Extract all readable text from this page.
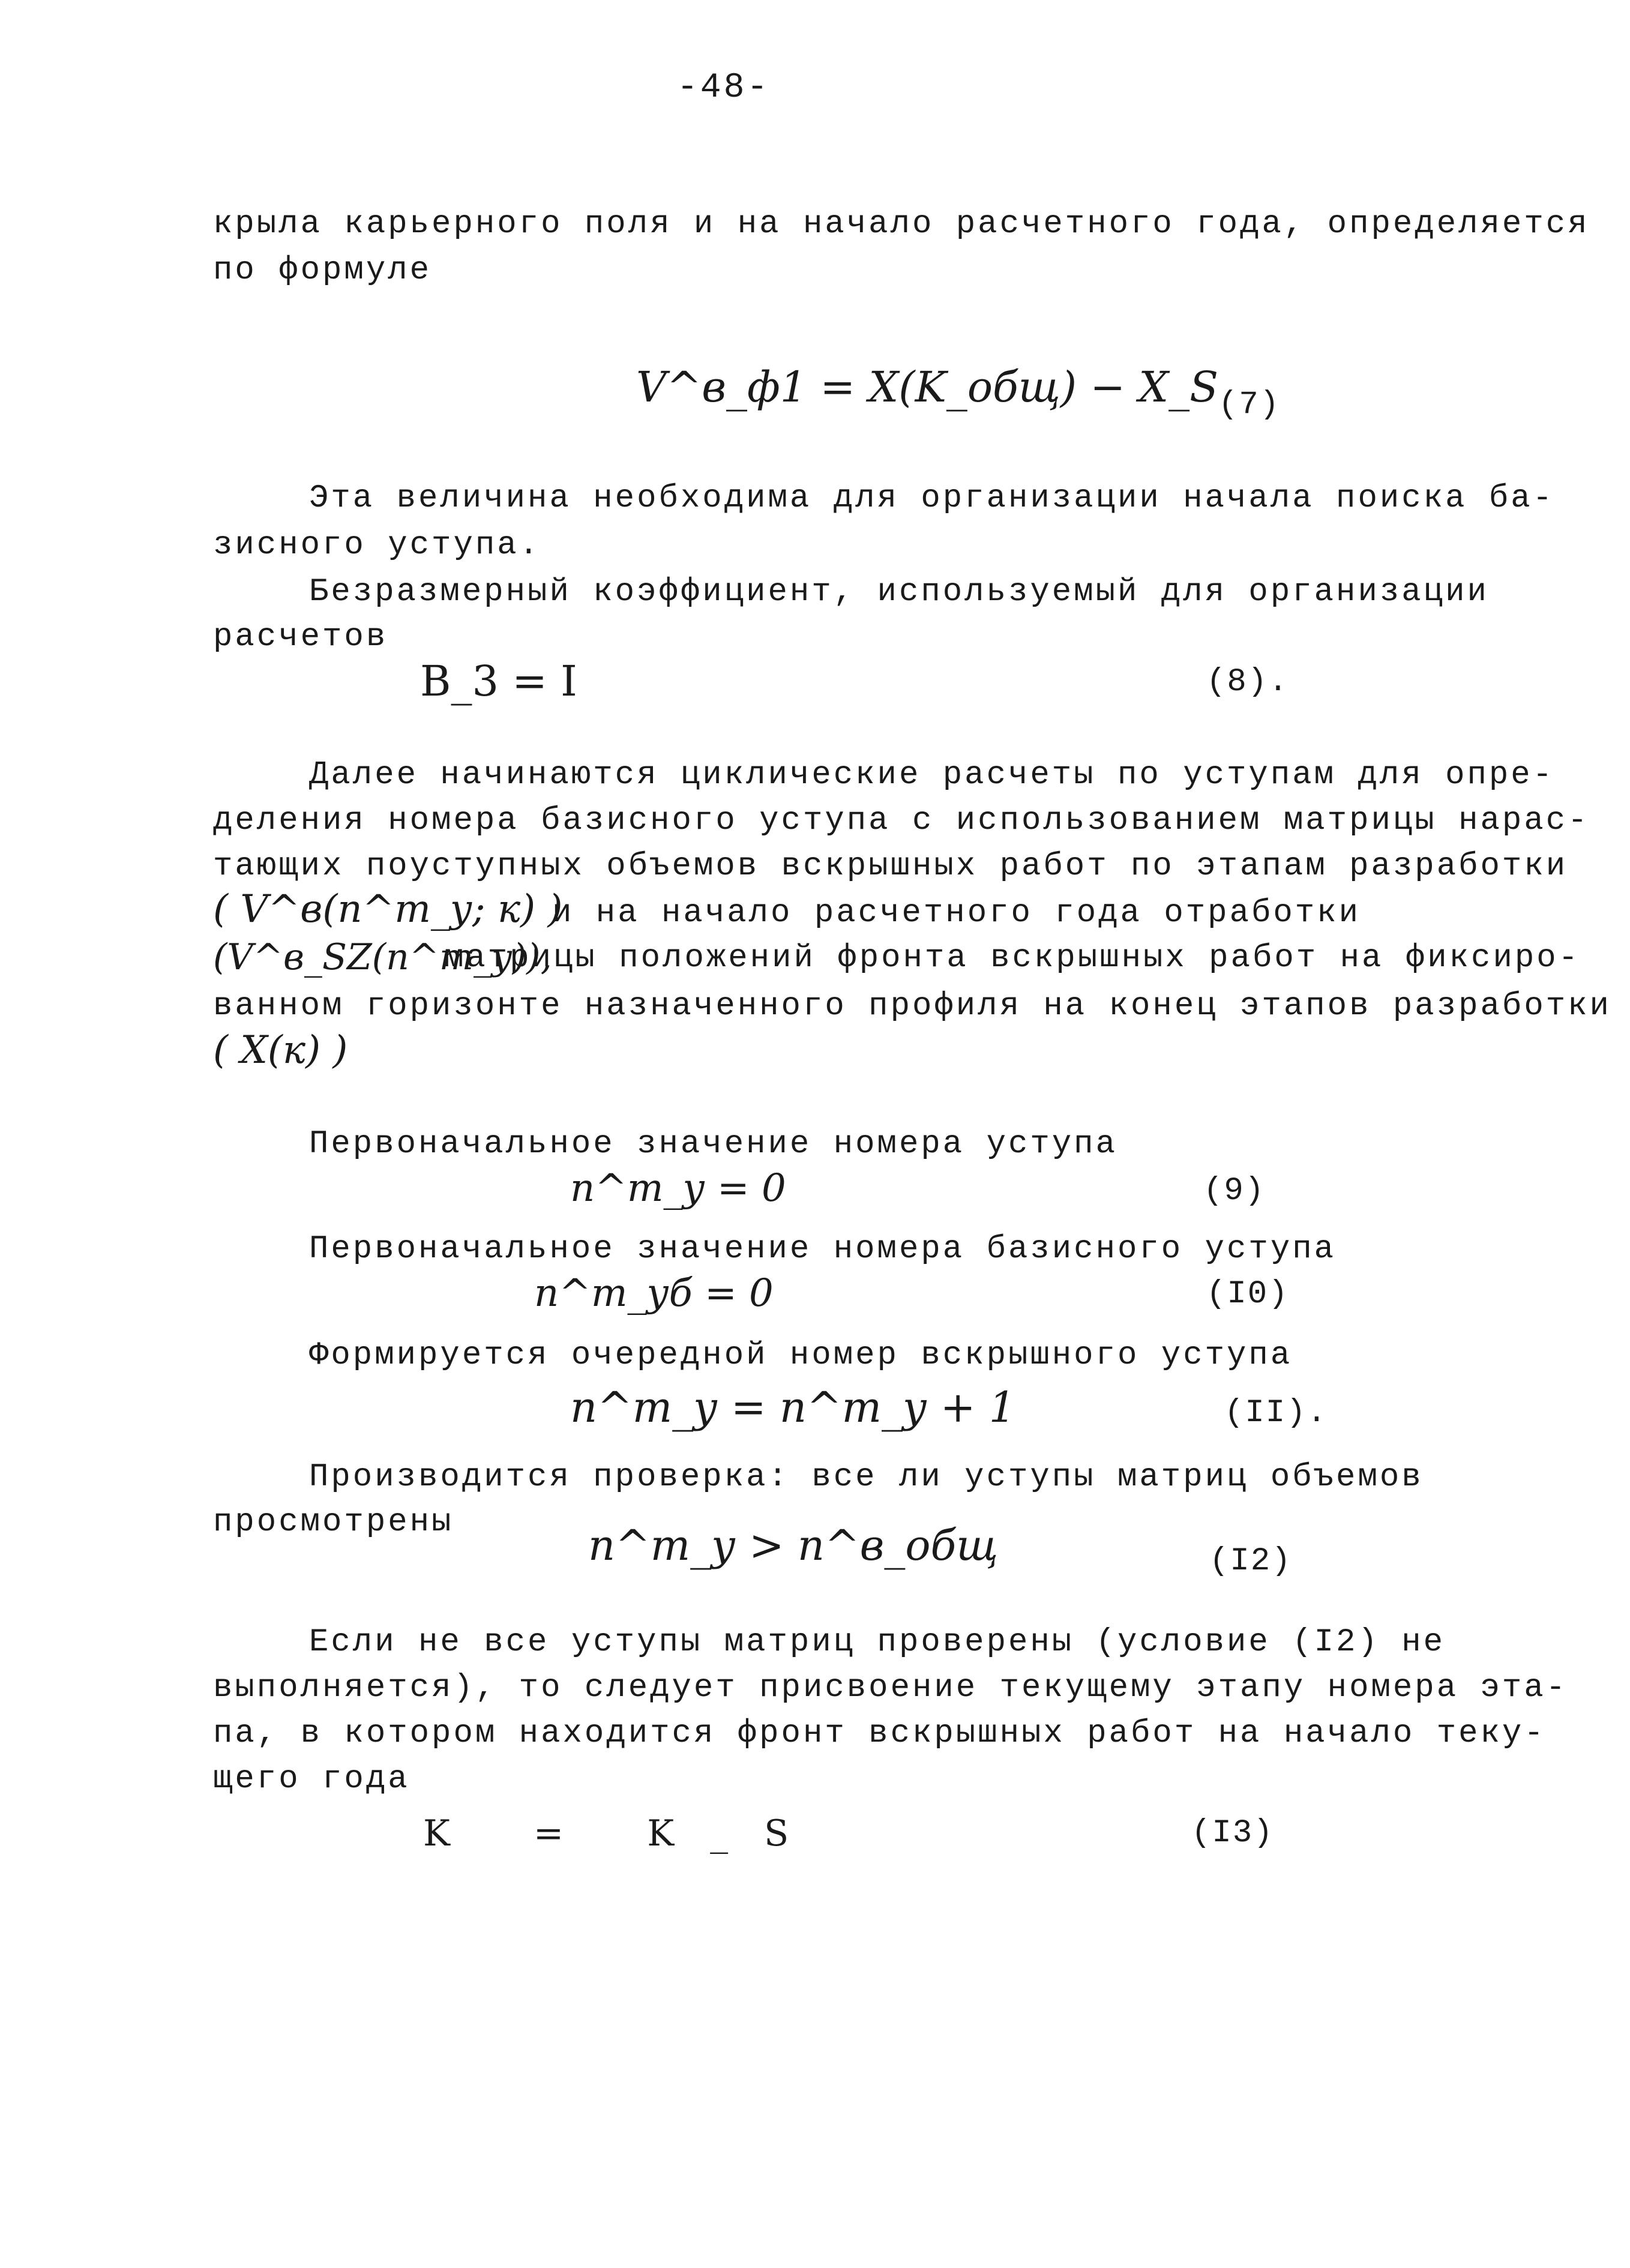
-48-
крыла карьерного поля и на начало расчетного года, определяется
по формуле
V^в_ф1 = X(K_общ) − X_S (7)
Эта величина необходима для организации начала поиска ба-
зисного уступа.
Безразмерный коэффициент, используемый для организации
расчетов
B_3 = I	(8).
Далее начинаются циклические расчеты по уступам для опре-
деления номера базисного уступа с использованием матрицы нарас-
тающих поуступных объемов вскрышных работ по этапам разработки
( V^в(n^m_у; к) )
и на начало расчетного года отработки
(V^в_SZ(n^m_у)),
матрицы положений фронта вскрышных работ на фиксиро-
ванном горизонте назначенного профиля на конец этапов разработки
( X(к) )
Первоначальное значение номера уступа
n^m_у = 0	(9)
Первоначальное значение номера базисного уступа
n^m_уб = 0	(I0)
Формируется очередной номер вскрышного уступа
n^m_у = n^m_у + 1	(II).
Производится проверка: все ли уступы матриц объемов
просмотрены	n^m_у > n^в_общ	(I2)
Если не все уступы матриц проверены (условие (I2) не
выполняется), то следует присвоение текущему этапу номера эта-
па, в котором находится фронт вскрышных работ на начало теку-
щего года
K = K_S	(I3)
